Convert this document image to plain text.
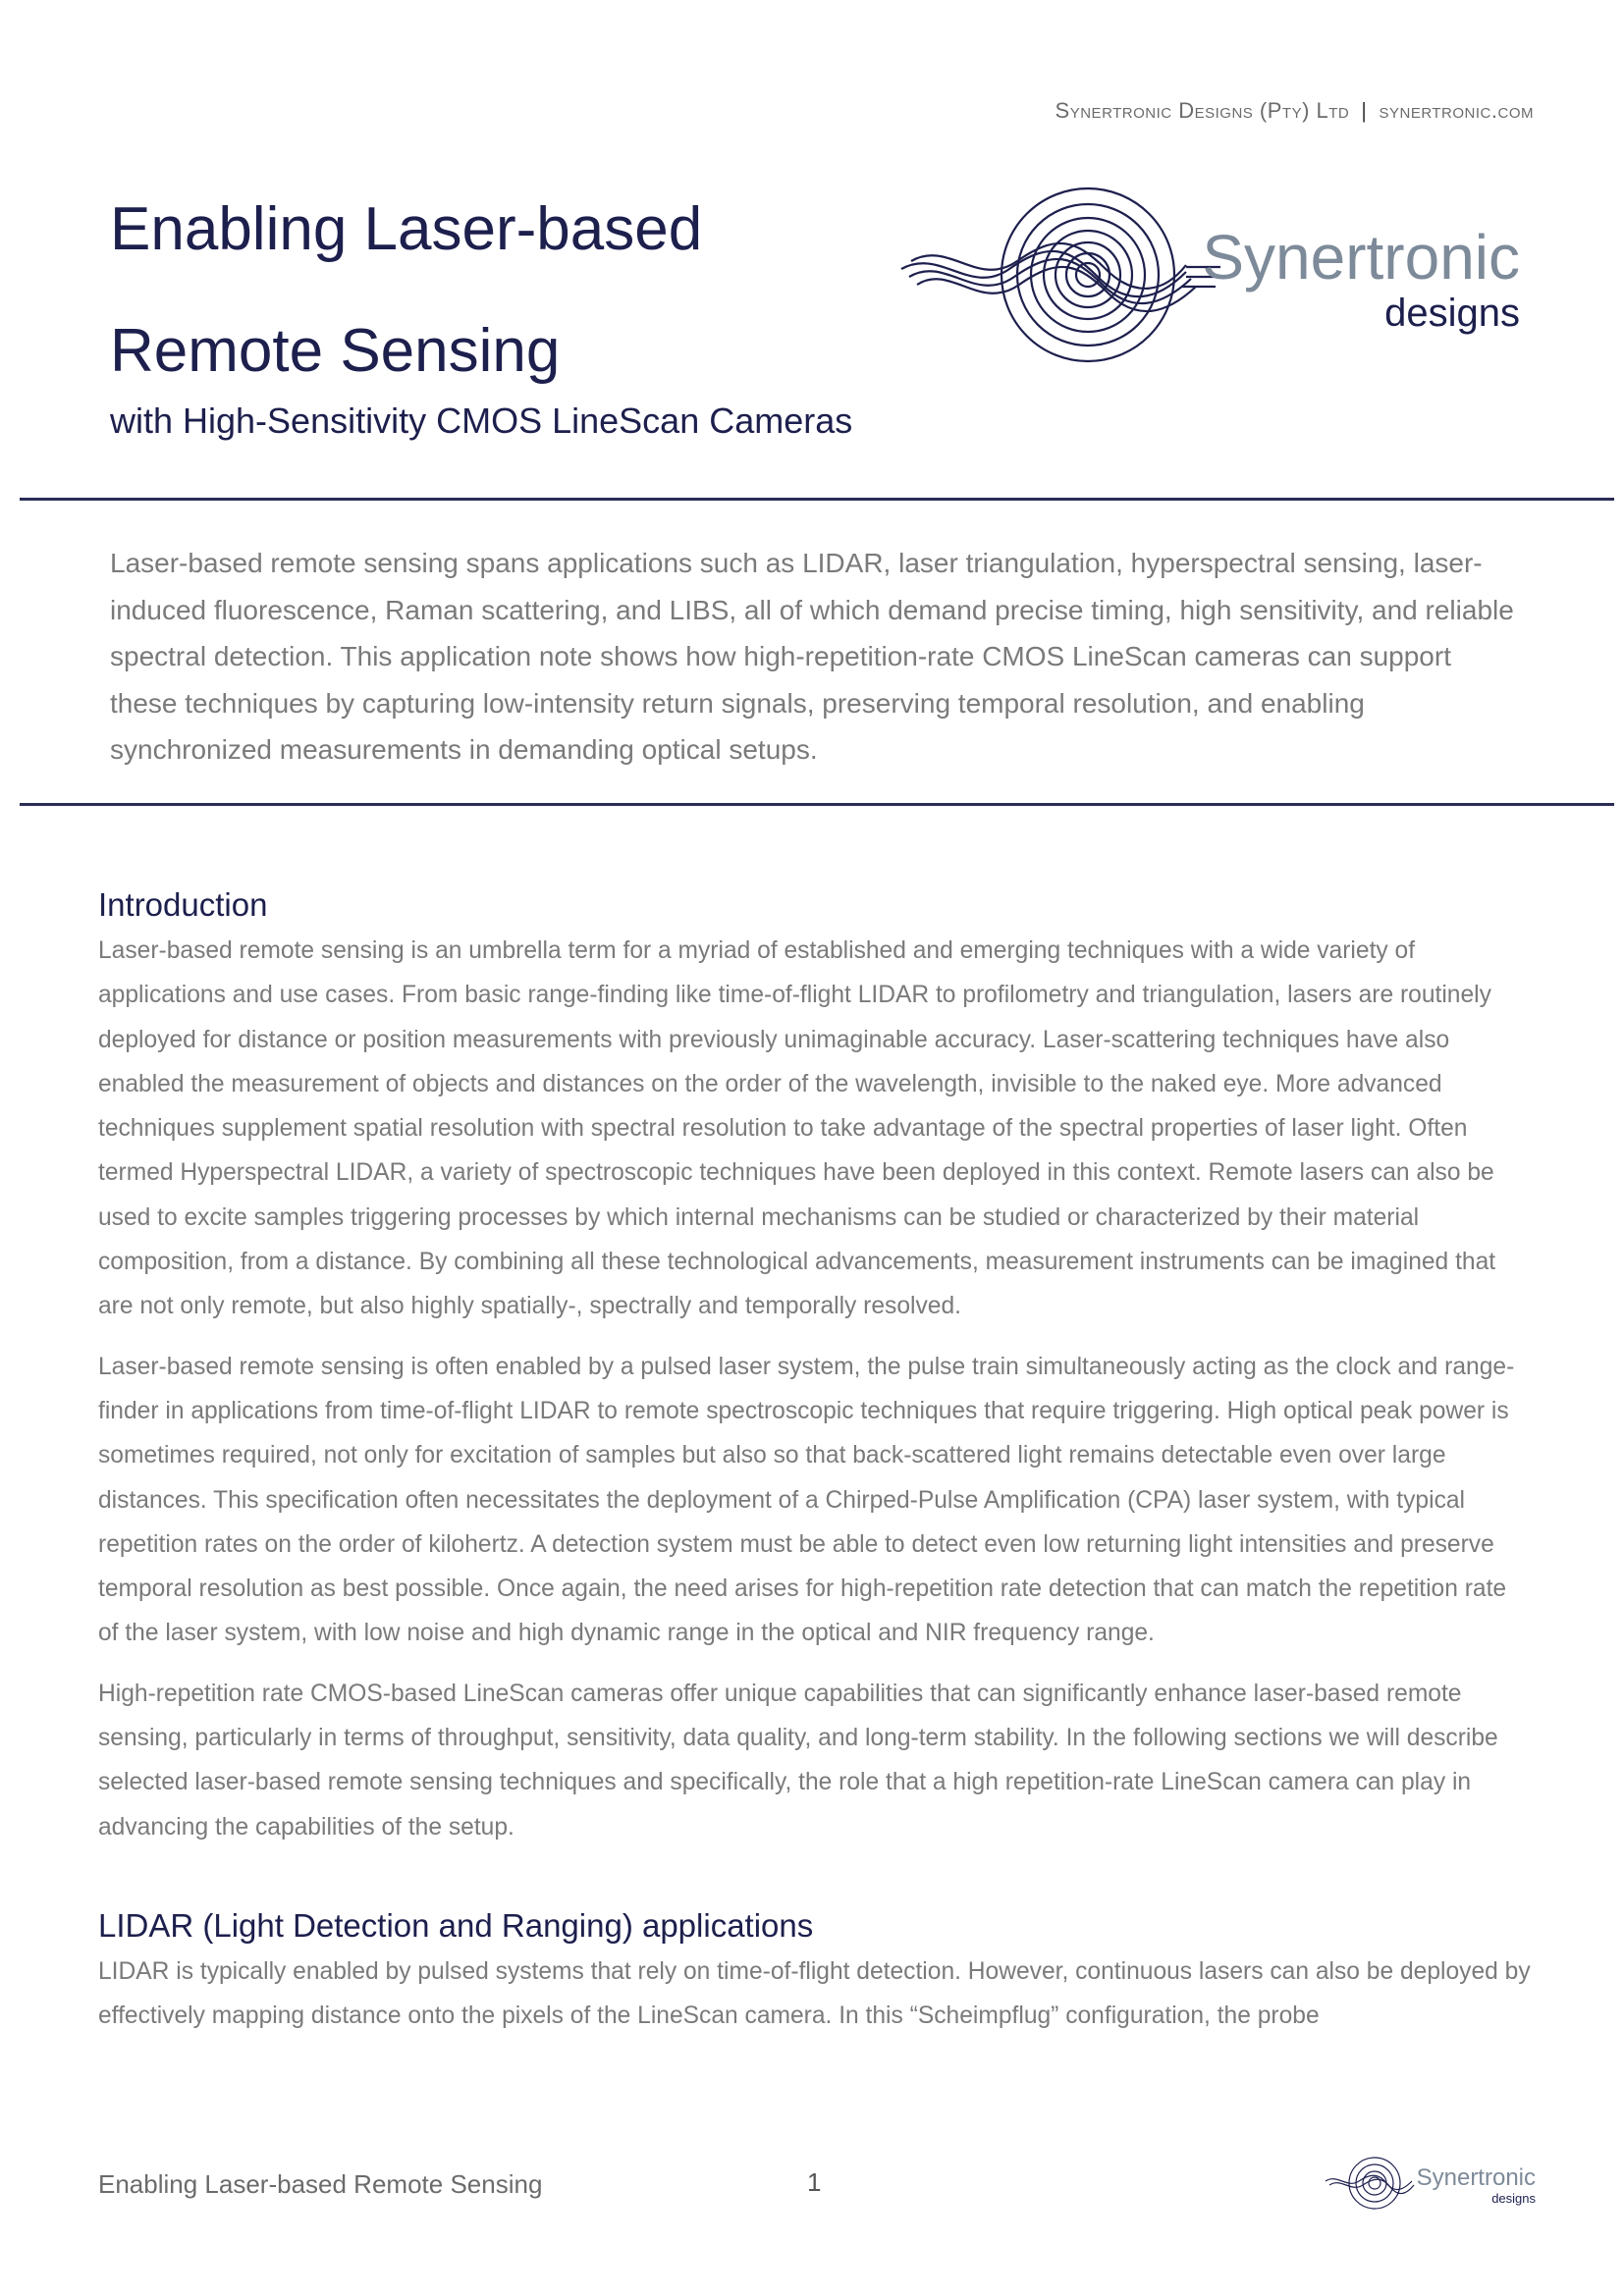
Synertronic Designs (Pty) Ltd | synertronic.com
Enabling Laser-based
Remote Sensing
with High-Sensitivity CMOS LineScan Cameras
Synertronic
designs

Laser-based remote sensing spans applications such as LIDAR, laser triangulation, hyperspectral sensing, laser-induced fluorescence, Raman scattering, and LIBS, all of which demand precise timing, high sensitivity, and reliable spectral detection. This application note shows how high-repetition-rate CMOS LineScan cameras can support these techniques by capturing low-intensity return signals, preserving temporal resolution, and enabling synchronized measurements in demanding optical setups.

Introduction

Laser-based remote sensing is an umbrella term for a myriad of established and emerging techniques with a wide variety of applications and use cases. From basic range-finding like time-of-flight LIDAR to profilometry and triangulation, lasers are routinely deployed for distance or position measurements with previously unimaginable accuracy. Laser-scattering techniques have also enabled the measurement of objects and distances on the order of the wavelength, invisible to the naked eye. More advanced techniques supplement spatial resolution with spectral resolution to take advantage of the spectral properties of laser light. Often termed Hyperspectral LIDAR, a variety of spectroscopic techniques have been deployed in this context. Remote lasers can also be used to excite samples triggering processes by which internal mechanisms can be studied or characterized by their material composition, from a distance. By combining all these technological advancements, measurement instruments can be imagined that are not only remote, but also highly spatially-, spectrally and temporally resolved.

Laser-based remote sensing is often enabled by a pulsed laser system, the pulse train simultaneously acting as the clock and range-finder in applications from time-of-flight LIDAR to remote spectroscopic techniques that require triggering. High optical peak power is sometimes required, not only for excitation of samples but also so that back-scattered light remains detectable even over large distances. This specification often necessitates the deployment of a Chirped-Pulse Amplification (CPA) laser system, with typical repetition rates on the order of kilohertz. A detection system must be able to detect even low returning light intensities and preserve temporal resolution as best possible. Once again, the need arises for high-repetition rate detection that can match the repetition rate of the laser system, with low noise and high dynamic range in the optical and NIR frequency range.

High-repetition rate CMOS-based LineScan cameras offer unique capabilities that can significantly enhance laser-based remote sensing, particularly in terms of throughput, sensitivity, data quality, and long-term stability. In the following sections we will describe selected laser-based remote sensing techniques and specifically, the role that a high repetition-rate LineScan camera can play in advancing the capabilities of the setup.

LIDAR (Light Detection and Ranging) applications

LIDAR is typically enabled by pulsed systems that rely on time-of-flight detection. However, continuous lasers can also be deployed by effectively mapping distance onto the pixels of the LineScan camera. In this “Scheimpflug” configuration, the probe

Enabling Laser-based Remote Sensing	1	Synertronic
designs
